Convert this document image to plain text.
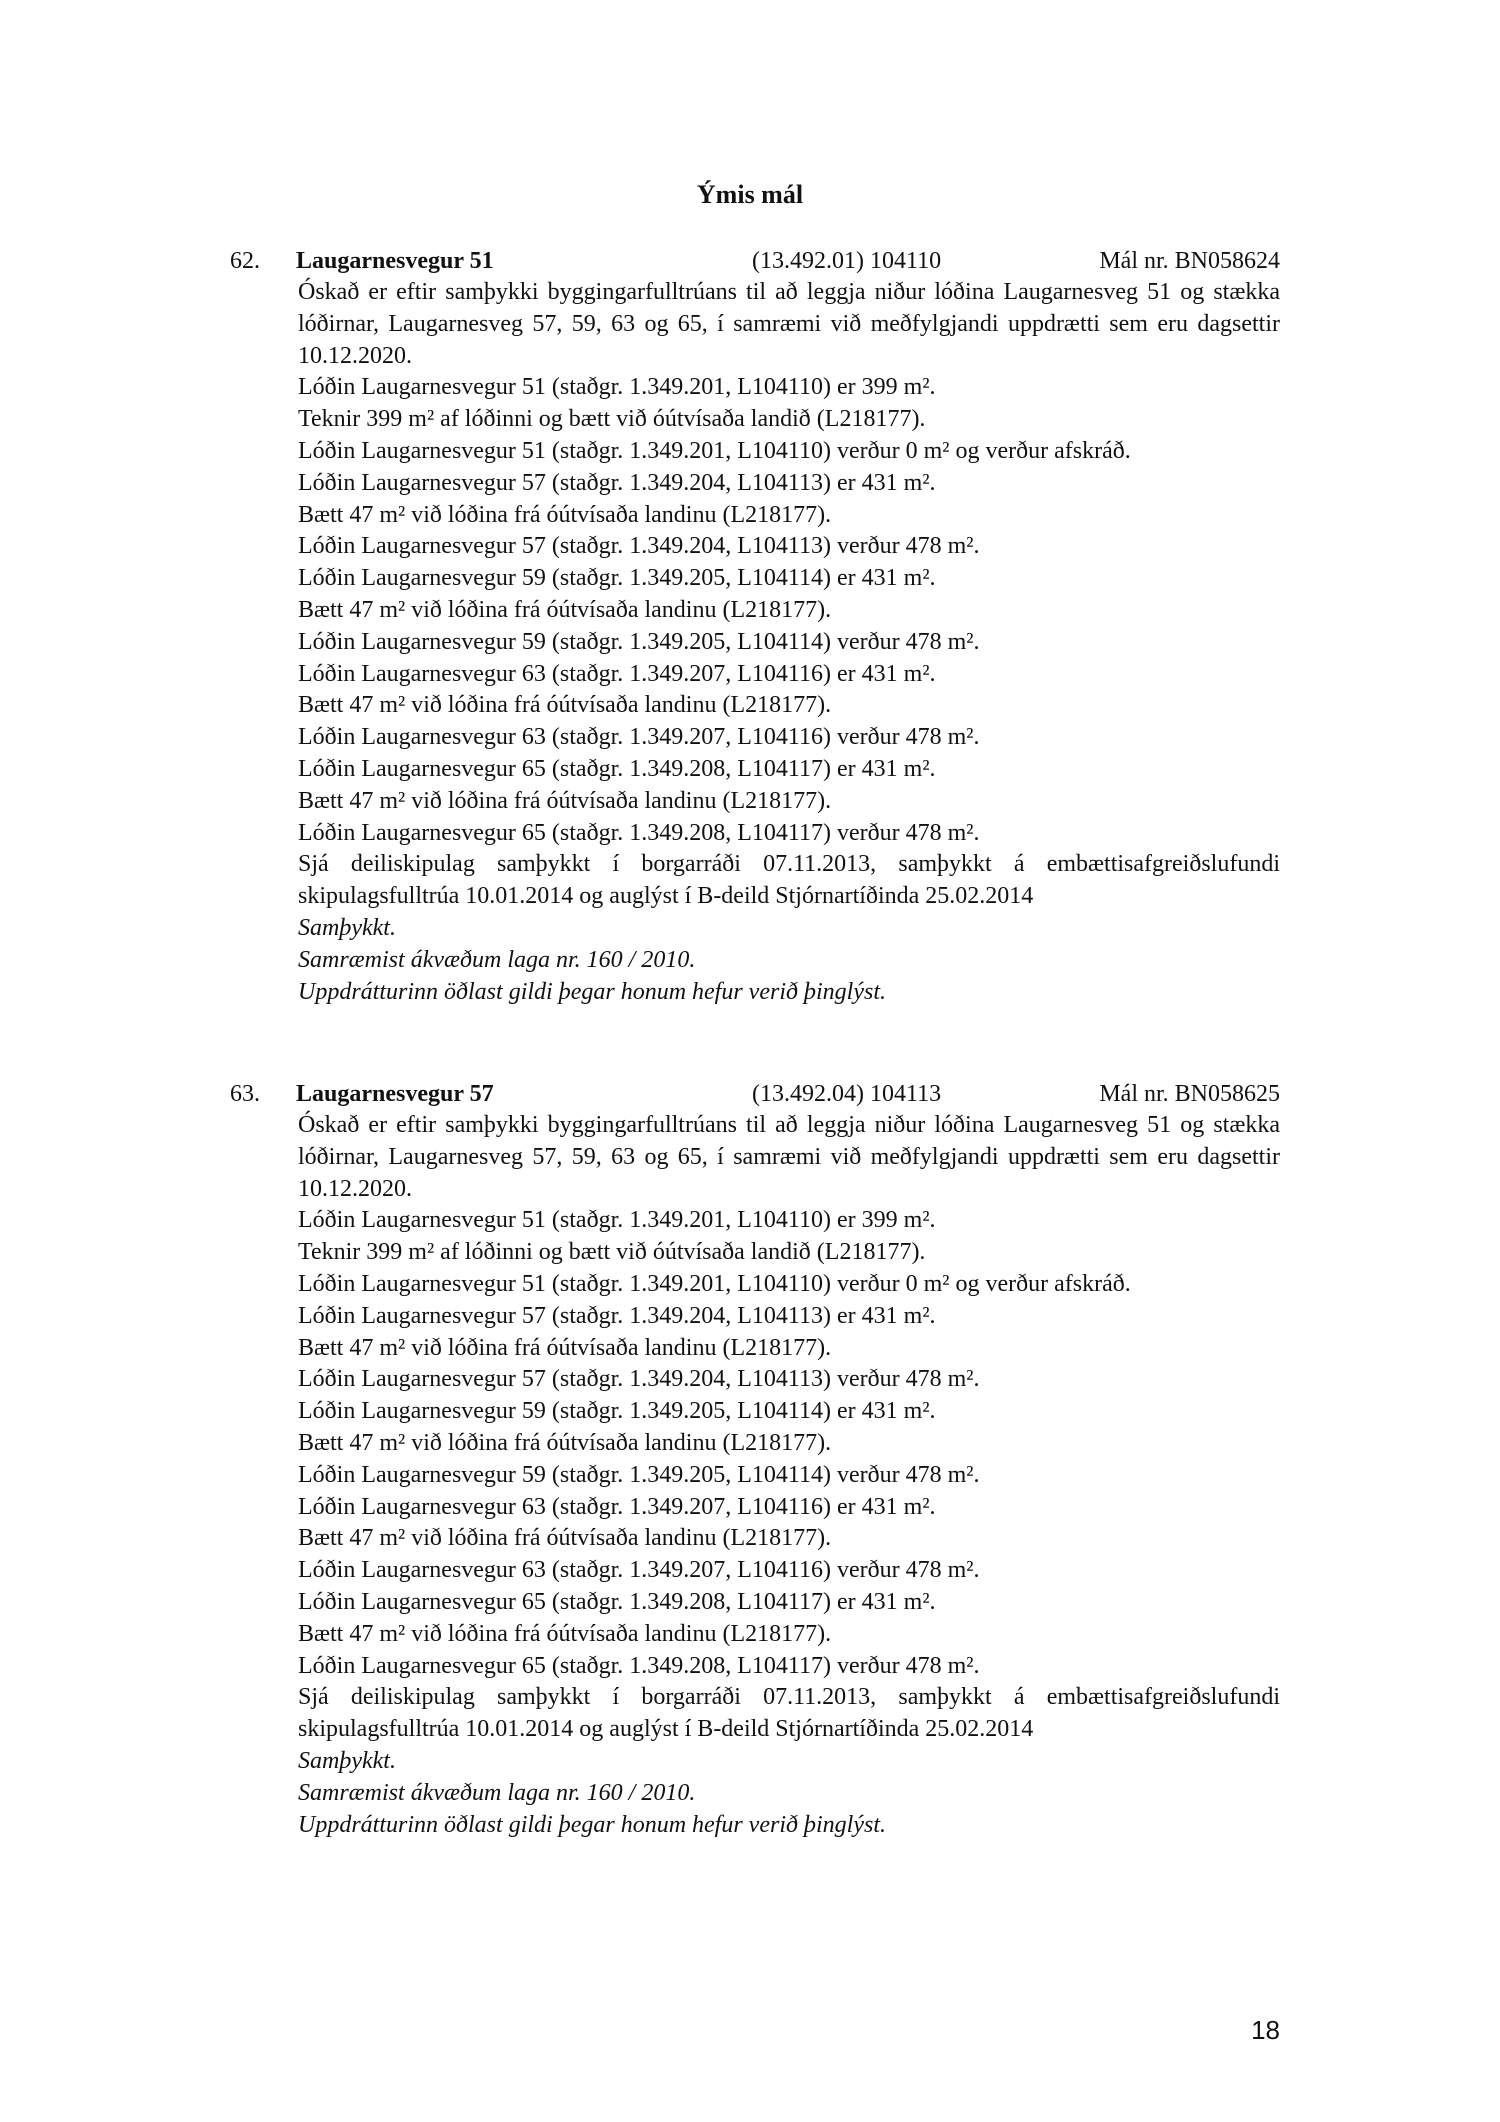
Ýmis mál
62. Laugarnesvegur 51	(13.492.01) 104110	Mál nr. BN058624

Óskað er eftir samþykki byggingarfulltrúans til að leggja niður lóðina Laugarnesveg 51 og stækka lóðirnar, Laugarnesveg 57, 59, 63 og 65, í samræmi við meðfylgjandi uppdrætti sem eru dagsettir 10.12.2020.

Lóðin Laugarnesvegur 51 (staðgr. 1.349.201, L104110) er 399 m².

Teknir 399 m² af lóðinni og bætt við óútvísaða landið (L218177).

Lóðin Laugarnesvegur 51 (staðgr. 1.349.201, L104110) verður 0 m² og verður afskráð.

Lóðin Laugarnesvegur 57 (staðgr. 1.349.204, L104113) er 431 m².

Bætt 47 m² við lóðina frá óútvísaða landinu (L218177).

Lóðin Laugarnesvegur 57 (staðgr. 1.349.204, L104113) verður 478 m².

Lóðin Laugarnesvegur 59 (staðgr. 1.349.205, L104114) er 431 m².

Bætt 47 m² við lóðina frá óútvísaða landinu (L218177).

Lóðin Laugarnesvegur 59 (staðgr. 1.349.205, L104114) verður 478 m².

Lóðin Laugarnesvegur 63 (staðgr. 1.349.207, L104116) er 431 m².

Bætt 47 m² við lóðina frá óútvísaða landinu (L218177).

Lóðin Laugarnesvegur 63 (staðgr. 1.349.207, L104116) verður 478 m².

Lóðin Laugarnesvegur 65 (staðgr. 1.349.208, L104117) er 431 m².

Bætt 47 m² við lóðina frá óútvísaða landinu (L218177).

Lóðin Laugarnesvegur 65 (staðgr. 1.349.208, L104117) verður 478 m².

Sjá deiliskipulag samþykkt í borgarráði 07.11.2013, samþykkt á embættisafgreiðslufundi skipulagsfulltrúa 10.01.2014 og auglýst í B-deild Stjórnartíðinda 25.02.2014

Samþykkt.

Samræmist ákvæðum laga nr. 160 / 2010.

Uppdrátturinn öðlast gildi þegar honum hefur verið þinglýst.

63. Laugarnesvegur 57	(13.492.04) 104113	Mál nr. BN058625

Óskað er eftir samþykki byggingarfulltrúans til að leggja niður lóðina Laugarnesveg 51 og stækka lóðirnar, Laugarnesveg 57, 59, 63 og 65, í samræmi við meðfylgjandi uppdrætti sem eru dagsettir 10.12.2020.

Lóðin Laugarnesvegur 51 (staðgr. 1.349.201, L104110) er 399 m².

Teknir 399 m² af lóðinni og bætt við óútvísaða landið (L218177).

Lóðin Laugarnesvegur 51 (staðgr. 1.349.201, L104110) verður 0 m² og verður afskráð.

Lóðin Laugarnesvegur 57 (staðgr. 1.349.204, L104113) er 431 m².

Bætt 47 m² við lóðina frá óútvísaða landinu (L218177).

Lóðin Laugarnesvegur 57 (staðgr. 1.349.204, L104113) verður 478 m².

Lóðin Laugarnesvegur 59 (staðgr. 1.349.205, L104114) er 431 m².

Bætt 47 m² við lóðina frá óútvísaða landinu (L218177).

Lóðin Laugarnesvegur 59 (staðgr. 1.349.205, L104114) verður 478 m².

Lóðin Laugarnesvegur 63 (staðgr. 1.349.207, L104116) er 431 m².

Bætt 47 m² við lóðina frá óútvísaða landinu (L218177).

Lóðin Laugarnesvegur 63 (staðgr. 1.349.207, L104116) verður 478 m².

Lóðin Laugarnesvegur 65 (staðgr. 1.349.208, L104117) er 431 m².

Bætt 47 m² við lóðina frá óútvísaða landinu (L218177).

Lóðin Laugarnesvegur 65 (staðgr. 1.349.208, L104117) verður 478 m².

Sjá deiliskipulag samþykkt í borgarráði 07.11.2013, samþykkt á embættisafgreiðslufundi skipulagsfulltrúa 10.01.2014 og auglýst í B-deild Stjórnartíðinda 25.02.2014

Samþykkt.

Samræmist ákvæðum laga nr. 160 / 2010.

Uppdrátturinn öðlast gildi þegar honum hefur verið þinglýst.

18
